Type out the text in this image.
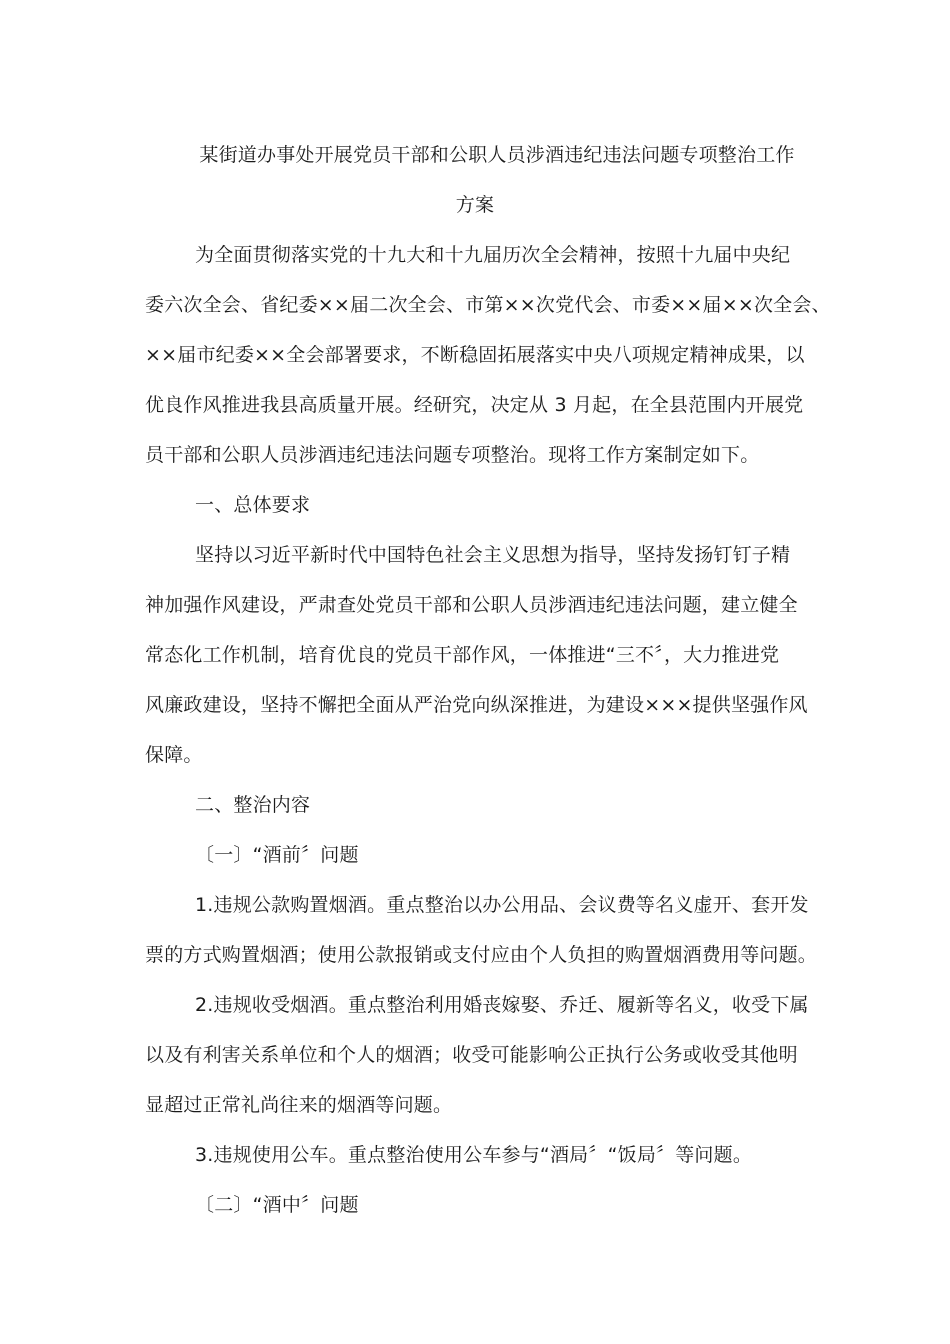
某街道办事处开展党员干部和公职人员涉酒违纪违法问题专项整治工作
方案
为全面贯彻落实党的十九大和十九届历次全会精神，按照十九届中央纪
委六次全会、省纪委××届二次全会、市第××次党代会、市委××届××次全会、
××届市纪委××全会部署要求，不断稳固拓展落实中央八项规定精神成果，以
优良作风推进我县高质量开展。经研究，决定从 3 月起，在全县范围内开展党
员干部和公职人员涉酒违纪违法问题专项整治。现将工作方案制定如下。
一、总体要求
坚持以习近平新时代中国特色社会主义思想为指导，坚持发扬钉钉子精
神加强作风建设，严肃查处党员干部和公职人员涉酒违纪违法问题，建立健全
常态化工作机制，培育优良的党员干部作风，一体推进“三不〞，大力推进党
风廉政建设，坚持不懈把全面从严治党向纵深推进，为建设×××提供坚强作风
保障。
二、整治内容
〔一〕“酒前〞问题
1.违规公款购置烟酒。重点整治以办公用品、会议费等名义虚开、套开发
票的方式购置烟酒；使用公款报销或支付应由个人负担的购置烟酒费用等问题。
2.违规收受烟酒。重点整治利用婚丧嫁娶、乔迁、履新等名义，收受下属
以及有利害关系单位和个人的烟酒；收受可能影响公正执行公务或收受其他明
显超过正常礼尚往来的烟酒等问题。
3.违规使用公车。重点整治使用公车参与“酒局〞“饭局〞等问题。
〔二〕“酒中〞问题
